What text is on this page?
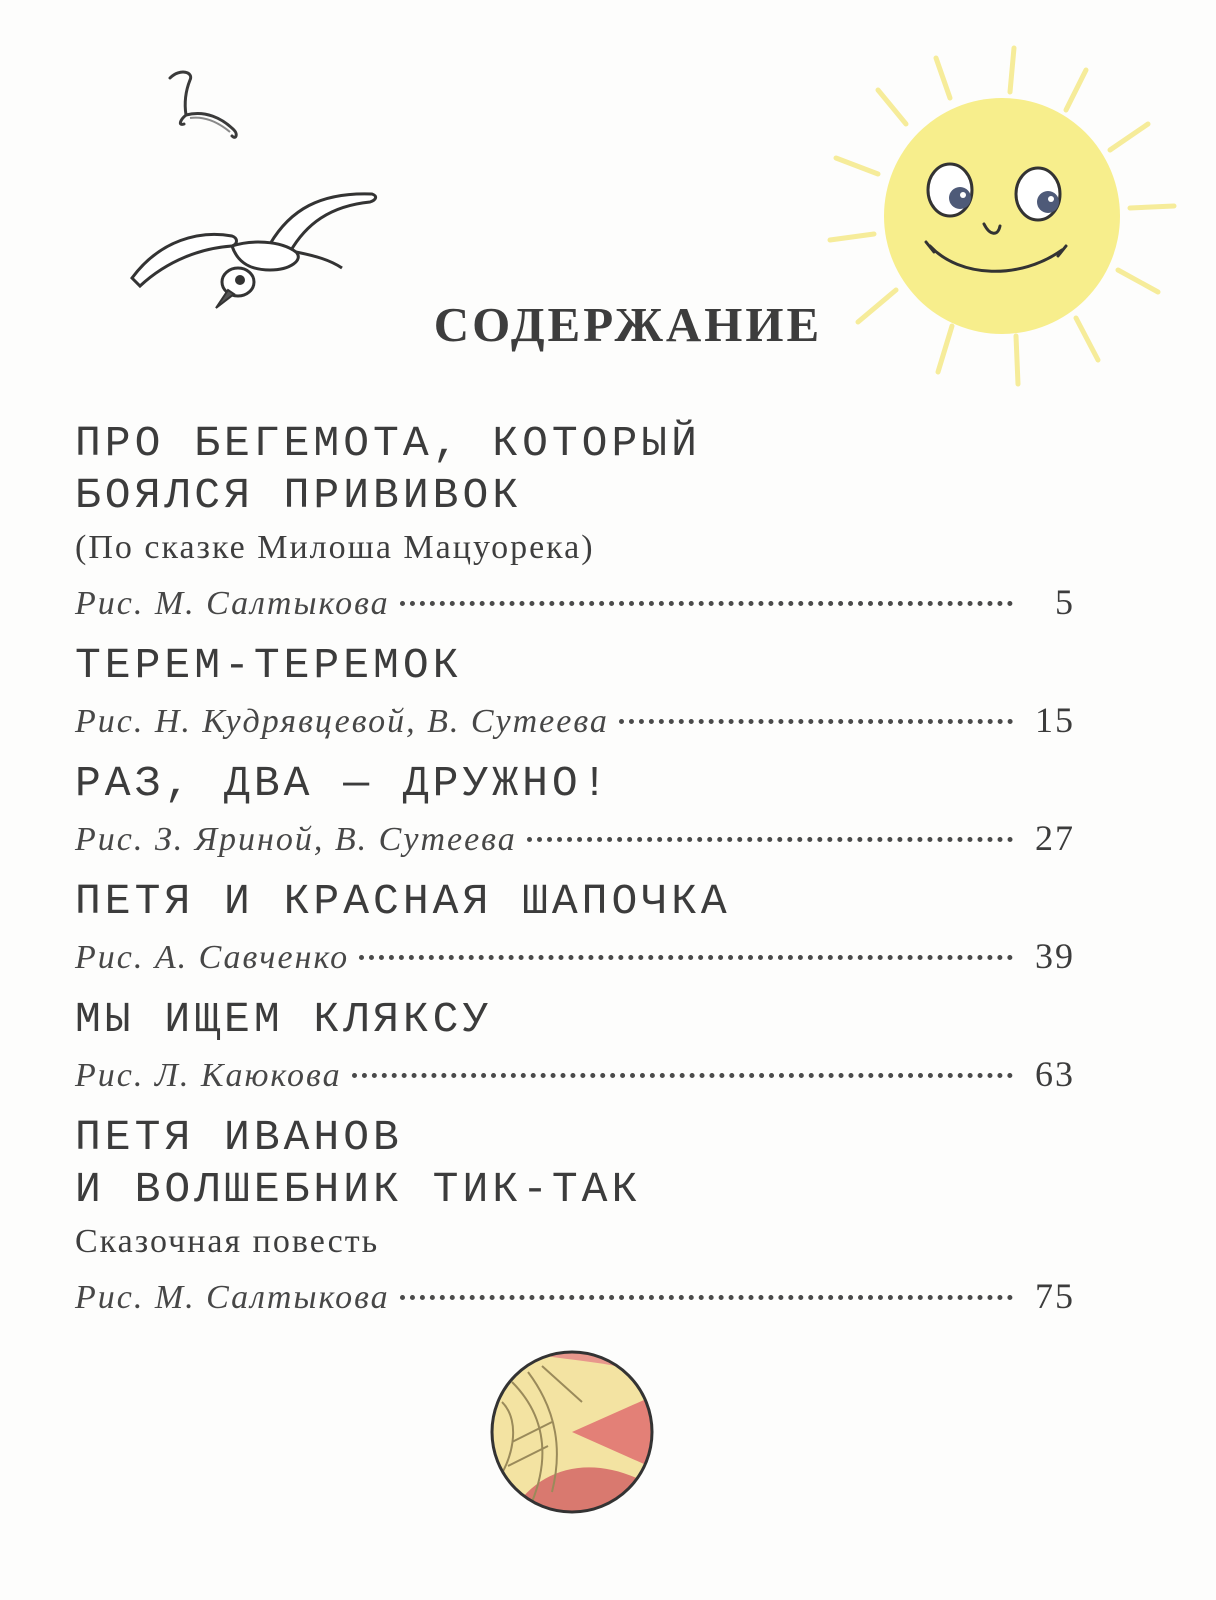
СОДЕРЖАНИЕ
ПРО БЕГЕМОТА, КОТОРЫЙ
БОЯЛСЯ ПРИВИВОК
(По сказке Милоша Мацуорека)
Рис. М. Салтыкова	5
ТЕРЕМ-ТЕРЕМОК
Рис. Н. Кудрявцевой, В. Сутеева	15
РАЗ, ДВА — ДРУЖНО!
Рис. З. Яриной, В. Сутеева	27
ПЕТЯ И КРАСНАЯ ШАПОЧКА
Рис. А. Савченко	39
МЫ ИЩЕМ КЛЯКСУ
Рис. Л. Каюкова	63
ПЕТЯ ИВАНОВ
И ВОЛШЕБНИК ТИК-ТАК
Сказочная повесть
Рис. М. Салтыкова	75
